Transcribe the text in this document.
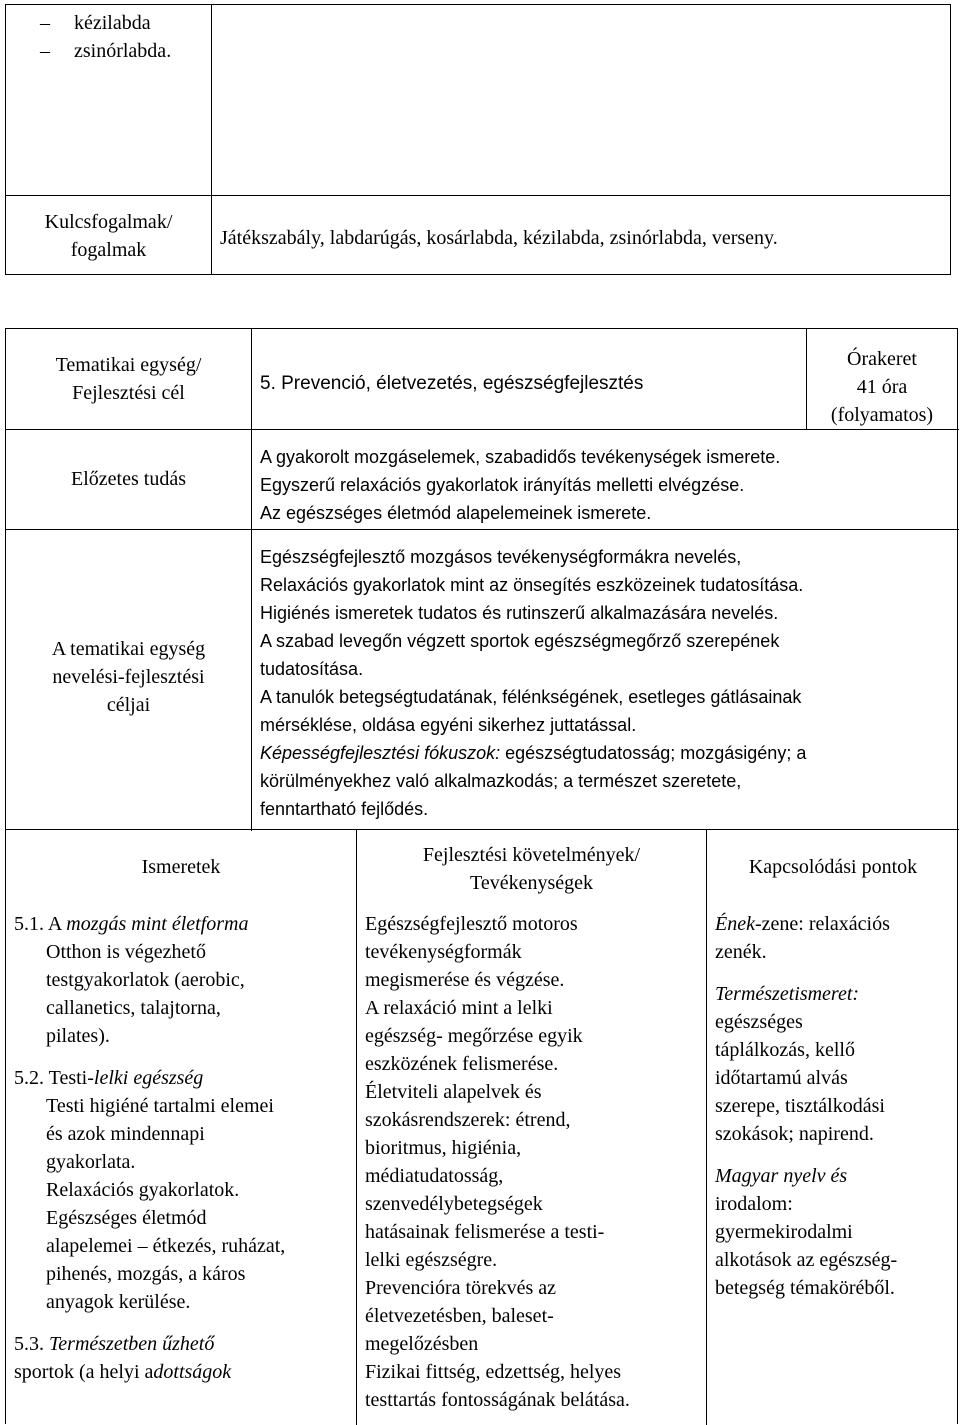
– kézilabda
– zsinórlabda.
Kulcsfogalmak/
fogalmak
Játékszabály, labdarúgás, kosárlabda, kézilabda, zsinórlabda, verseny.
Tematikai egység/
Fejlesztési cél	5. Prevenció, életvezetés, egészségfejlesztés
Órakeret
41 óra
(folyamatos)
Előzetes tudás
A gyakorolt mozgáselemek, szabadidős tevékenységek ismerete.
Egyszerű relaxációs gyakorlatok irányítás melletti elvégzése.
Az egészséges életmód alapelemeinek ismerete.
A tematikai egység
nevelési-fejlesztési
céljai
Egészségfejlesztő mozgásos tevékenységformákra nevelés,
Relaxációs gyakorlatok mint az önsegítés eszközeinek tudatosítása.
Higiénés ismeretek tudatos és rutinszerű alkalmazására nevelés.
A szabad levegőn végzett sportok egészségmegőrző szerepének
tudatosítása.
A tanulók betegségtudatának, félénkségének, esetleges gátlásainak
mérséklése, oldása egyéni sikerhez juttatással.
Képességfejlesztési fókuszok: egészségtudatosság; mozgásigény; a
körülményekhez való alkalmazkodás; a természet szeretete,
fenntartható fejlődés.
Ismeretek
Fejlesztési követelmények/
Tevékenységek
Kapcsolódási pontok
5.1. A mozgás mint életforma
Otthon is végezhető
testgyakorlatok (aerobic,
callanetics, talajtorna,
pilates).
5.2. Testi-lelki egészség
Testi higiéné tartalmi elemei
és azok mindennapi
gyakorlata.
Relaxációs gyakorlatok.
Egészséges életmód
alapelemei – étkezés, ruházat,
pihenés, mozgás, a káros
anyagok kerülése.
5.3. Természetben űzhető
sportok (a helyi adottságok
Egészségfejlesztő motoros
tevékenységformák
megismerése és végzése.
A relaxáció mint a lelki
egészség- megőrzése egyik
eszközének felismerése.
Életviteli alapelvek és
szokásrendszerek: étrend,
bioritmus, higiénia,
médiatudatosság,
szenvedélybetegségek
hatásainak felismerése a testi-
lelki egészségre.
Prevencióra törekvés az
életvezetésben, baleset-
megelőzésben
Fizikai fittség, edzettség, helyes
testtartás fontosságának belátása.
Ének-zene: relaxációs
zenék.
Természetismeret:
egészséges
táplálkozás, kellő
időtartamú alvás
szerepe, tisztálkodási
szokások; napirend.
Magyar nyelv és
irodalom:
gyermekirodalmi
alkotások az egészség-
betegség témaköréből.
